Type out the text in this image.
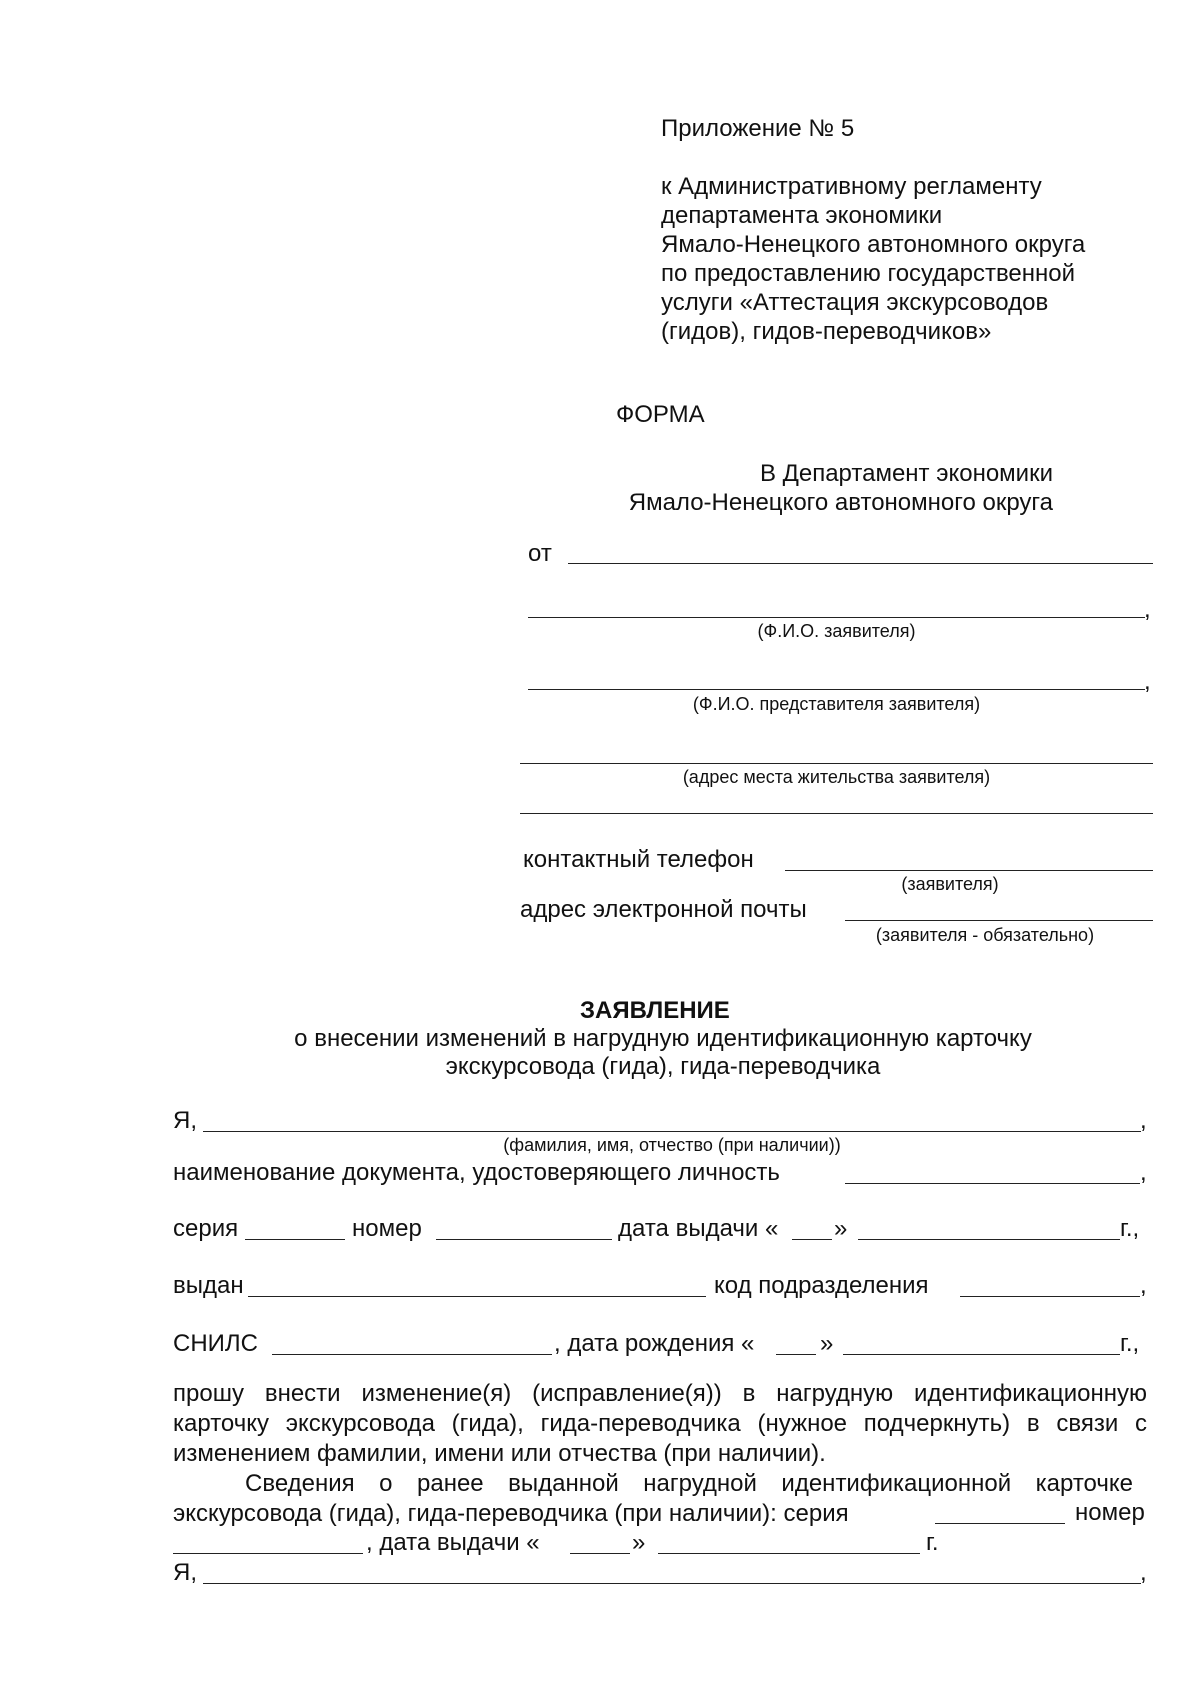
Приложение № 5
к Административному регламенту
департамента экономики
Ямало-Ненецкого автономного округа
по предоставлению государственной
услуги «Аттестация экскурсоводов
(гидов), гидов-переводчиков»
ФОРМА
В Департамент экономики
Ямало-Ненецкого автономного округа
от
,
(Ф.И.О. заявителя)
,
(Ф.И.О. представителя заявителя)
(адрес места жительства заявителя)
контактный телефон
(заявителя)
адрес электронной почты
(заявителя - обязательно)
ЗАЯВЛЕНИЕ
о внесении изменений в нагрудную идентификационную карточку
экскурсовода (гида), гида-переводчика
Я,	,
(фамилия, имя, отчество (при наличии))
наименование документа, удостоверяющего личность	,
серия	номер	дата выдачи « »	г.,
выдан	код подразделения	,
СНИЛС	, дата рождения «	»	г.,
прошу внести изменение(я) (исправление(я)) в нагрудную идентификационную карточку экскурсовода (гида), гида-переводчика (нужное подчеркнуть) в связи с изменением фамилии, имени или отчества (при наличии).
Сведения о ранее выданной нагрудной идентификационной карточке экскурсовода (гида), гида-переводчика (при наличии): серия	номер
, дата выдачи «	»	г.
Я,	,
